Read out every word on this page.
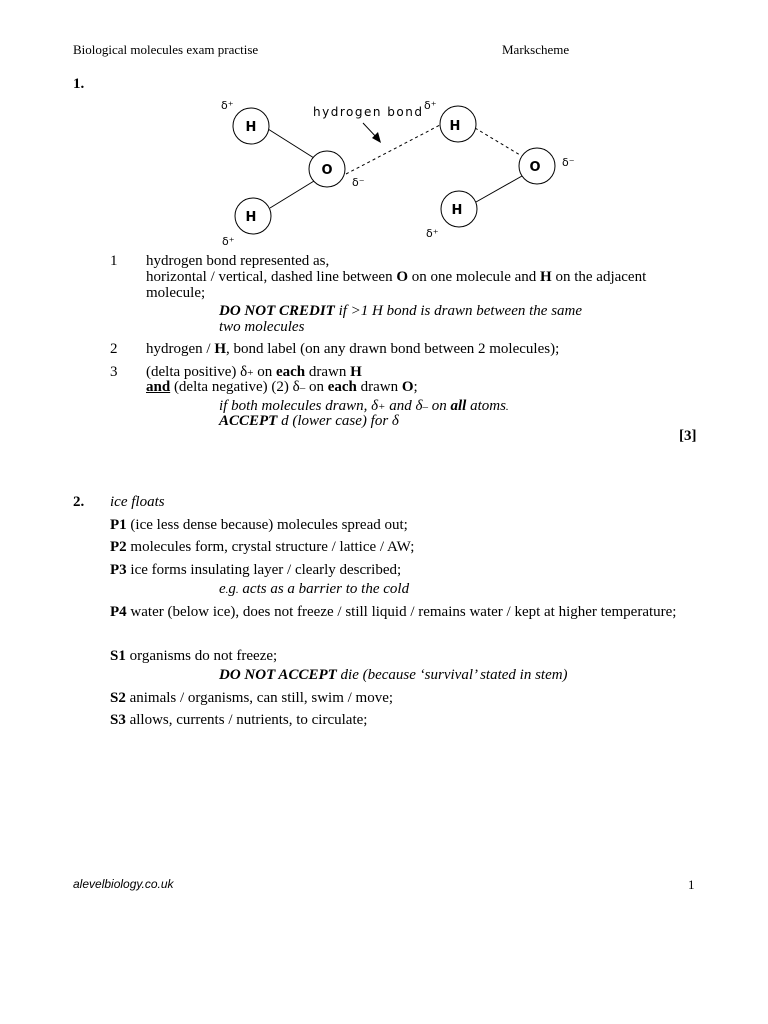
Biological molecules exam practise	Markscheme
1.
H
O
H
H
O
H
δ⁺
δ⁺
δ⁻
δ⁺
δ⁺
δ⁻
hydrogen bond
1 hydrogen bond represented as,
horizontal / vertical, dashed line between O on one molecule and H on the adjacent
molecule;
DO NOT CREDIT if >1 H bond is drawn between the same
two molecules
2 hydrogen / H, bond label (on any drawn bond between 2 molecules);
3 (delta positive) δ+ on each drawn H
and (delta negative) (2) δ– on each drawn O;
if both molecules drawn, δ+ and δ– on all atoms.
ACCEPT d (lower case) for δ
[3]
2. ice floats
P1 (ice less dense because) molecules spread out;
P2 molecules form, crystal structure / lattice / AW;
P3 ice forms insulating layer / clearly described;
e.g. acts as a barrier to the cold
P4 water (below ice), does not freeze / still liquid / remains water / kept at higher temperature;
S1 organisms do not freeze;
DO NOT ACCEPT die (because ‘survival’ stated in stem)
S2 animals / organisms, can still, swim / move;
S3 allows, currents / nutrients, to circulate;
alevelbiology.co.uk	1
